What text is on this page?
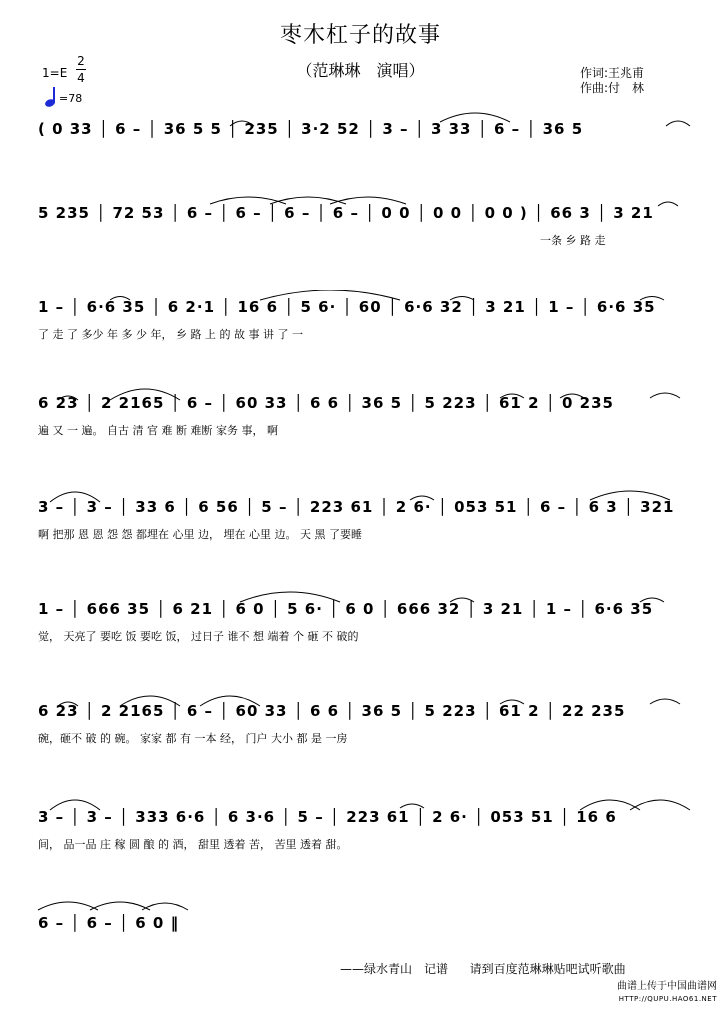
枣木杠子的故事
（范琳琳　演唱）	作词:王兆甫
作曲:付　林
1=E
2
4
=78
( 0 33 │ 6 – │ 36 5 5 │ 235 │ 3·2 52 │ 3 – │ 3 33 │ 6 – │ 36 5
5 235 │ 72 53 │ 6 – │ 6 – │ 6 – │ 6 – │ 0 0 │ 0 0 │ 0 0 ) │ 66 3 │ 3 21
一条 乡 路 走
1 – │ 6·6 35 │ 6 2·1 │ 16 6 │ 5 6· │ 60 │ 6·6 32 │ 3 21 │ 1 – │ 6·6 35
了 走 了 多少 年 多 少 年， 乡 路 上 的 故 事 讲 了 一
6 23 │ 2 2165 │ 6 – │ 60 33 │ 6 6 │ 36 5 │ 5 223 │ 61 2 │ 0 235
遍 又 一 遍。 自古 清 官 难 断 难断 家务 事， 啊
3 – │ 3 – │ 33 6 │ 6 56 │ 5 – │ 223 61 │ 2 6· │ 053 51 │ 6 – │ 6 3 │ 321
啊 把那 恩 恩 怨 怨 都埋在 心里 边， 埋在 心里 边。 天 黑 了要睡
1 – │ 666 35 │ 6 21 │ 6 0 │ 5 6· │ 6 0 │ 666 32 │ 3 21 │ 1 – │ 6·6 35
觉， 天亮了 要吃 饭 要吃 饭， 过日子 谁不 想 端着 个 砸 不 破的
6 23 │ 2 2165 │ 6 – │ 60 33 │ 6 6 │ 36 5 │ 5 223 │ 61 2 │ 22 235
碗，砸不 破 的 碗。 家家 都 有 一本 经， 门户 大小 都 是 一房
3 – │ 3 – │ 333 6·6 │ 6 3·6 │ 5 – │ 223 61 │ 2 6· │ 053 51 │ 16 6
间， 品一品 庄 稼 圆 酿 的 酒， 甜里 透着 苦， 苦里 透着 甜。
6 – │ 6 – │ 6 0 ‖
——绿水青山　记谱 请到百度范琳琳贴吧试听歌曲
曲谱上传于中国曲谱网
HTTP://QUPU.HAO61.NET
